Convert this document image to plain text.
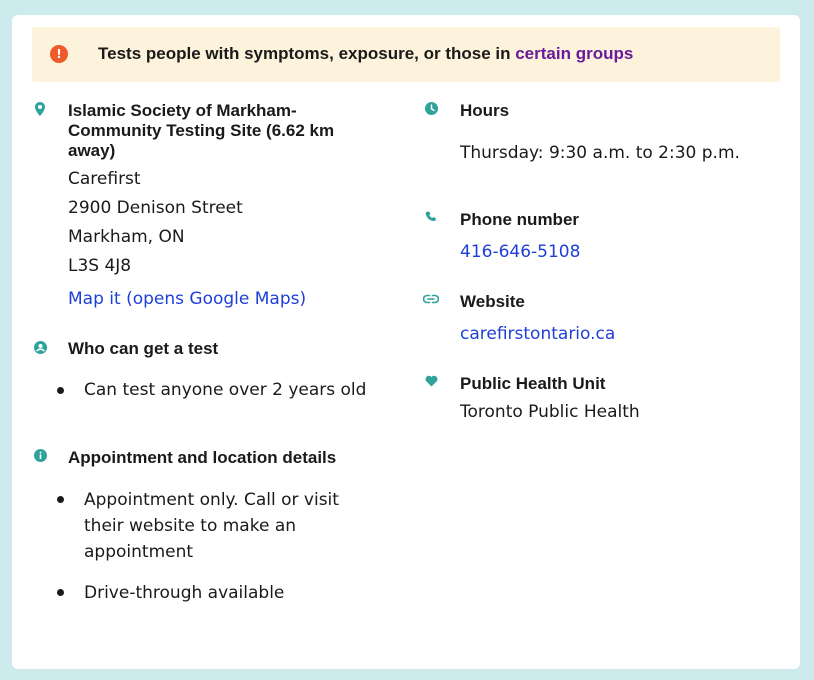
!	Tests people with symptoms, exposure, or those in certain groups
Islamic Society of Markham-
Community Testing Site (6.62 km
away)
Carefirst
2900 Denison Street
Markham, ON
L3S 4J8
Map it (opens Google Maps)
Who can get a test
Can test anyone over 2 years old
Appointment and location details
Appointment only. Call or visit
their website to make an
appointment
Drive-through available
Hours
Thursday: 9:30 a.m. to 2:30 p.m.
Phone number
416-646-5108
Website
carefirstontario.ca
Public Health Unit
Toronto Public Health
